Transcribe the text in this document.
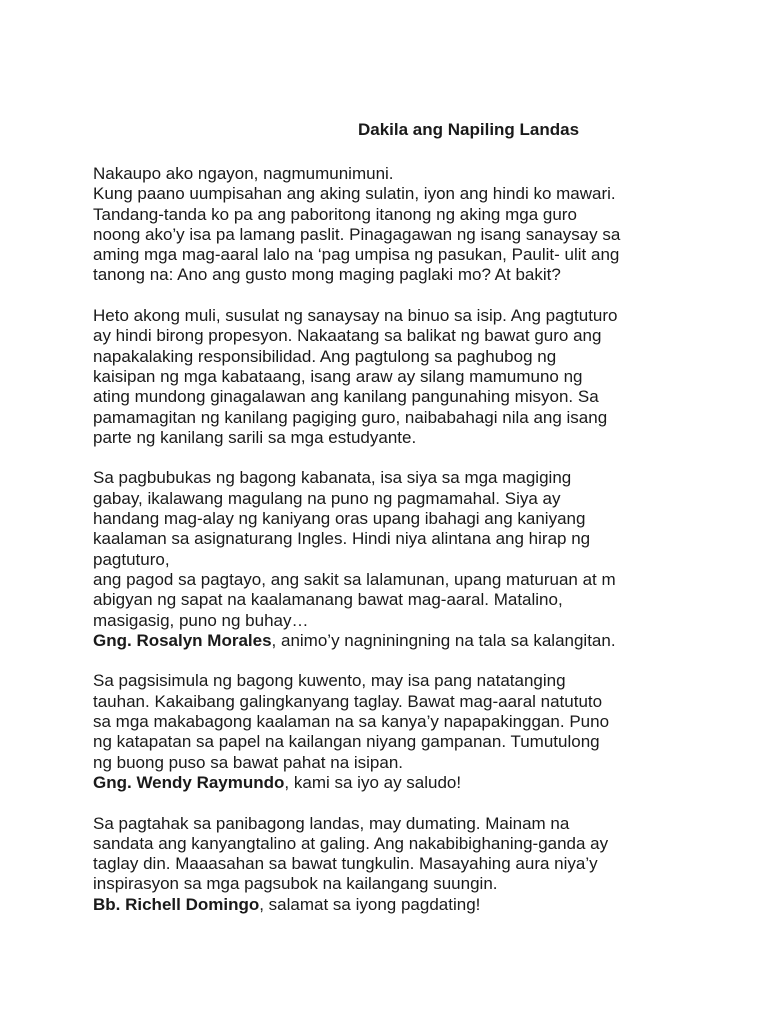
Dakila ang Napiling Landas
Nakaupo ako ngayon, nagmumunimuni.
Kung paano uumpisahan ang aking sulatin, iyon ang hindi ko mawari.
Tandang-tanda ko pa ang paboritong itanong ng aking mga guro
noong ako’y isa pa lamang paslit. Pinagagawan ng isang sanaysay sa
aming mga mag-aaral lalo na ‘pag umpisa ng pasukan, Paulit- ulit ang
tanong na: Ano ang gusto mong maging paglaki mo? At bakit?
Heto akong muli, susulat ng sanaysay na binuo sa isip. Ang pagtuturo
ay hindi birong propesyon. Nakaatang sa balikat ng bawat guro ang
napakalaking responsibilidad. Ang pagtulong sa paghubog ng
kaisipan ng mga kabataang, isang araw ay silang mamumuno ng
ating mundong ginagalawan ang kanilang pangunahing misyon. Sa
pamamagitan ng kanilang pagiging guro, naibabahagi nila ang isang
parte ng kanilang sarili sa mga estudyante.
Sa pagbubukas ng bagong kabanata, isa siya sa mga magiging
gabay, ikalawang magulang na puno ng pagmamahal. Siya ay
handang mag-alay ng kaniyang oras upang ibahagi ang kaniyang
kaalaman sa asignaturang Ingles. Hindi niya alintana ang hirap ng
pagtuturo,
ang pagod sa pagtayo, ang sakit sa lalamunan, upang maturuan at m
abigyan ng sapat na kaalamanang bawat mag-aaral. Matalino,
masigasig, puno ng buhay…
Gng. Rosalyn Morales, animo’y nagniningning na tala sa kalangitan.
Sa pagsisimula ng bagong kuwento, may isa pang natatanging
tauhan. Kakaibang galingkanyang taglay. Bawat mag-aaral natututo
sa mga makabagong kaalaman na sa kanya’y napapakinggan. Puno
ng katapatan sa papel na kailangan niyang gampanan. Tumutulong
ng buong puso sa bawat pahat na isipan.
Gng. Wendy Raymundo, kami sa iyo ay saludo!
Sa pagtahak sa panibagong landas, may dumating. Mainam na
sandata ang kanyangtalino at galing. Ang nakabibighaning-ganda ay
taglay din. Maaasahan sa bawat tungkulin. Masayahing aura niya’y
inspirasyon sa mga pagsubok na kailangang suungin.
Bb. Richell Domingo, salamat sa iyong pagdating!
